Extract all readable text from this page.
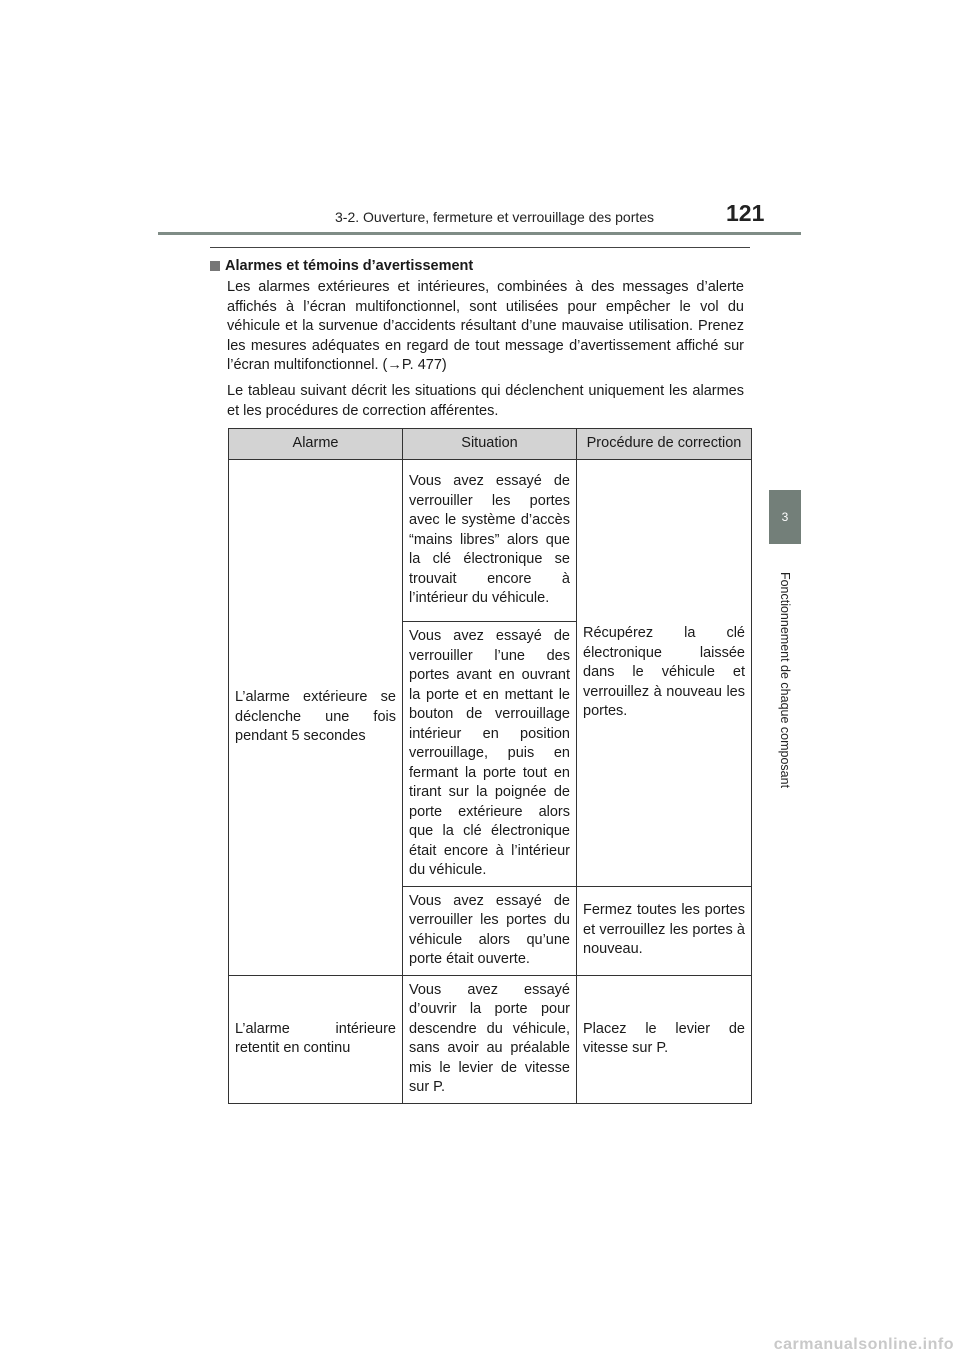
3-2. Ouverture, fermeture et verrouillage des portes	121
3
Fonctionnement de chaque composant
Alarmes et témoins d’avertissement

Les alarmes extérieures et intérieures, combinées à des messages d’alerte affichés à l’écran multifonctionnel, sont utilisées pour empêcher le vol du véhicule et la survenue d’accidents résultant d’une mauvaise utilisation. Prenez les mesures adéquates en regard de tout message d’avertissement affiché sur l’écran multifonctionnel. (→P. 477)

Le tableau suivant décrit les situations qui déclenchent uniquement les alarmes et les procédures de correction afférentes.

Alarme	Situation	Procédure de correction
L’alarme extérieure se déclenche une fois pendant 5 secondes	Vous avez essayé de verrouiller les portes avec le système d’accès “mains libres” alors que la clé électronique se trouvait encore à l’intérieur du véhicule.	Récupérez la clé électronique laissée dans le véhicule et verrouillez à nouveau les portes.
	Vous avez essayé de verrouiller l’une des portes avant en ouvrant la porte et en mettant le bouton de verrouillage intérieur en position verrouillage, puis en fermant la porte tout en tirant sur la poignée de porte extérieure alors que la clé électronique était encore à l’intérieur du véhicule.	
	Vous avez essayé de verrouiller les portes du véhicule alors qu’une porte était ouverte.	Fermez toutes les portes et verrouillez les portes à nouveau.
L’alarme intérieure retentit en continu	Vous avez essayé d’ouvrir la porte pour descendre du véhicule, sans avoir au préalable mis le levier de vitesse sur P.	Placez le levier de vitesse sur P.
carmanualsonline.info
